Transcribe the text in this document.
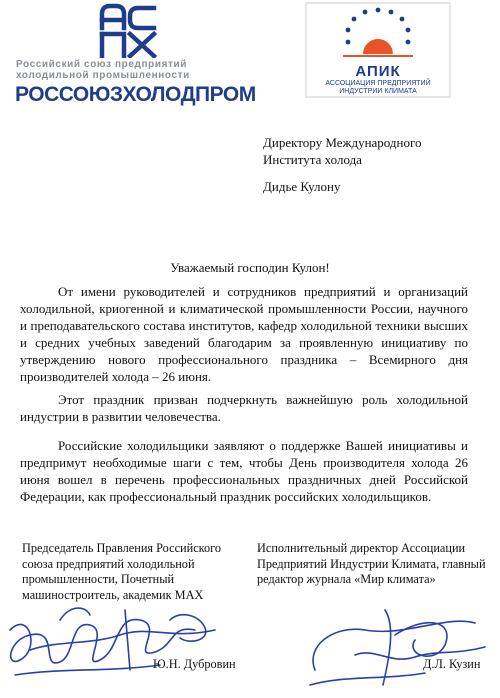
Российский союз предприятий
холодильной промышленности
РОССОЮЗХОЛОДПРОМ
АПИК
АССОЦИАЦИЯ ПРЕДПРИЯТИЙ
ИНДУСТРИИ КЛИМАТА
Директору Международного
Института холода
Дидье Кулону
Уважаемый господин Кулон!
От имени руководителей и сотрудников предприятий и организаций холодильной, криогенной и климатической промышленности России, научного и преподавательского состава институтов, кафедр холодильной техники высших и средних учебных заведений благодарим за проявленную инициативу по утверждению нового профессионального праздника – Всемирного дня производителей холода – 26 июня.
Этот праздник призван подчеркнуть важнейшую роль холодильной индустрии в развитии человечества.
Российские холодильщики заявляют о поддержке Вашей инициативы и предпримут необходимые шаги с тем, чтобы День производителя холода 26 июня вошел в перечень профессиональных праздничных дней Российской Федерации, как профессиональный праздник российских холодильщиков.
Председатель Правления Российского союза предприятий холодильной промышленности, Почетный машиностроитель, академик МАХ
Исполнительный директор Ассоциации Предприятий Индустрии Климата, главный редактор журнала «Мир климата»
Ю.Н. Дубровин	Д.Л. Кузин
